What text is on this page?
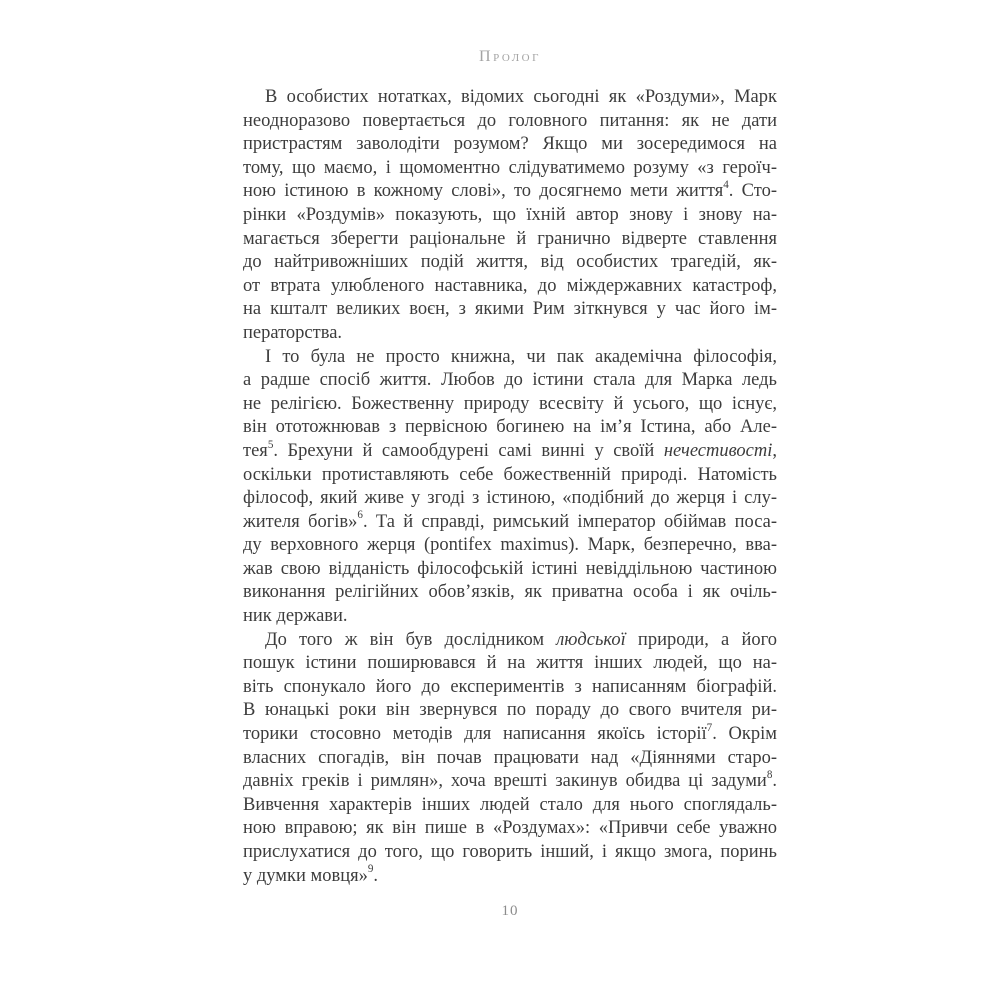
Пролог
В особистих нотатках, відомих сьогодні як «Роздуми», Марк
неодноразово повертається до головного питання: як не дати
пристрастям заволодіти розумом? Якщо ми зосередимося на
тому, що маємо, і щомоментно слідуватимемо розуму «з героїч-
ною істиною в кожному слові», то досягнемо мети життя$^4$. Сто-
рінки «Роздумів» показують, що їхній автор знову і знову на-
магається зберегти раціональне й гранично відверте ставлення
до найтривожніших подій життя, від особистих трагедій, як-
от втрата улюбленого наставника, до міждержавних катастроф,
на кшталт великих воєн, з якими Рим зіткнувся у час його ім-
ператорства.
І то була не просто книжна, чи пак академічна філософія,
а радше спосіб життя. Любов до істини стала для Марка ледь
не релігією. Божественну природу всесвіту й усього, що існує,
він ототожнював з первісною богинею на ім’я Істина, або Але-
тея$^5$. Брехуни й самообдурені самі винні у своїй нечестивості,
оскільки протиставляють себе божественній природі. Натомість
філософ, який живе у згоді з істиною, «подібний до жерця і слу-
жителя богів»$^6$. Та й справді, римський імператор обіймав поса-
ду верховного жерця (pontifex maximus). Марк, безперечно, вва-
жав свою відданість філософській істині невіддільною частиною
виконання релігійних обов’язків, як приватна особа і як очіль-
ник держави.
До того ж він був дослідником людської природи, а його
пошук істини поширювався й на життя інших людей, що на-
віть спонукало його до експериментів з написанням біографій.
В юнацькі роки він звернувся по пораду до свого вчителя ри-
торики стосовно методів для написання якоїсь історії$^7$. Окрім
власних спогадів, він почав працювати над «Діяннями старо-
давніх греків і римлян», хоча врешті закинув обидва ці задуми$^8$.
Вивчення характерів інших людей стало для нього споглядаль-
ною вправою; як він пише в «Роздумах»: «Привчи себе уважно
прислухатися до того, що говорить інший, і якщо змога, поринь
у думки мовця»$^9$.
10
